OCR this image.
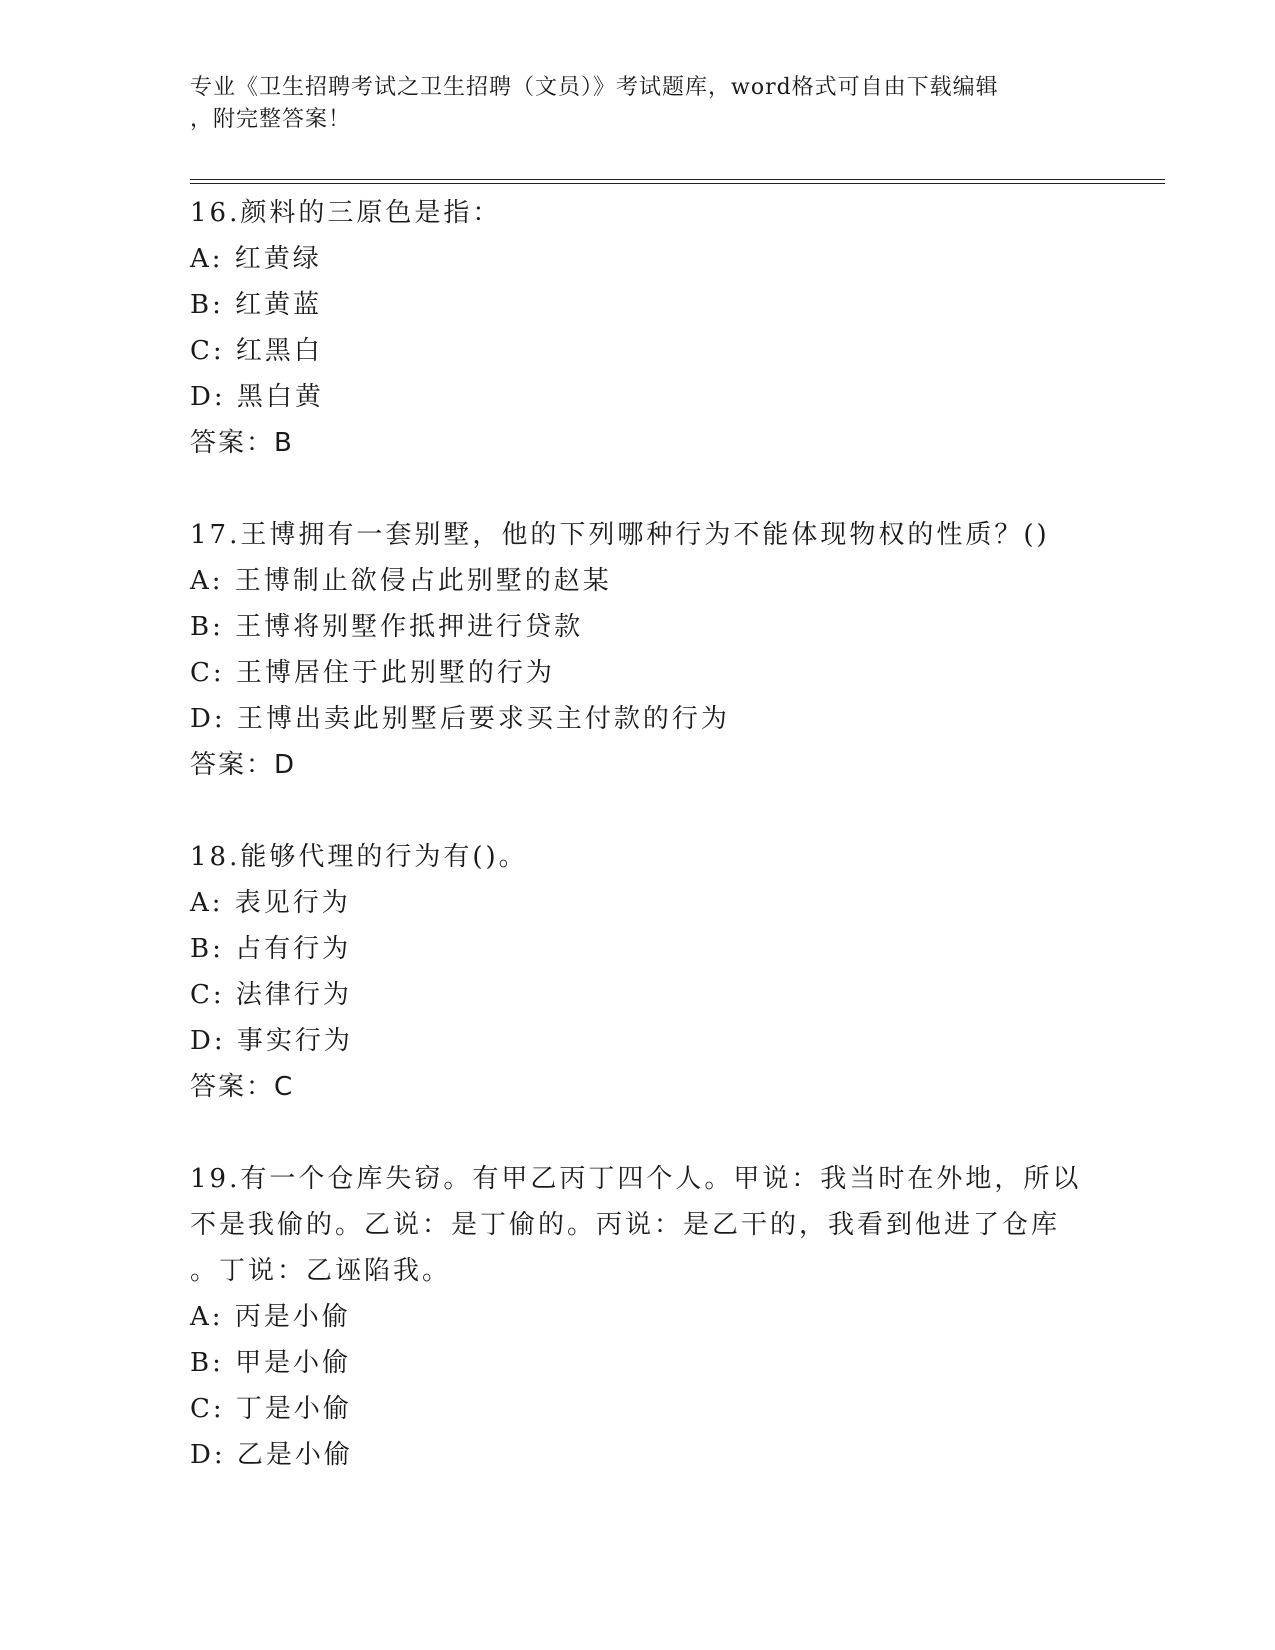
专业《卫生招聘考试之卫生招聘（文员）》考试题库，word格式可自由下载编辑
，附完整答案！
16.颜料的三原色是指：
A: 红黄绿
B: 红黄蓝
C: 红黑白
D: 黑白黄
答案：B
17.王博拥有一套别墅，他的下列哪种行为不能体现物权的性质？()
A: 王博制止欲侵占此别墅的赵某
B: 王博将别墅作抵押进行贷款
C: 王博居住于此别墅的行为
D: 王博出卖此别墅后要求买主付款的行为
答案：D
18.能够代理的行为有()。
A: 表见行为
B: 占有行为
C: 法律行为
D: 事实行为
答案：C
19.有一个仓库失窃。有甲乙丙丁四个人。甲说：我当时在外地，所以
不是我偷的。乙说：是丁偷的。丙说：是乙干的，我看到他进了仓库
。丁说：乙诬陷我。
A: 丙是小偷
B: 甲是小偷
C: 丁是小偷
D: 乙是小偷
